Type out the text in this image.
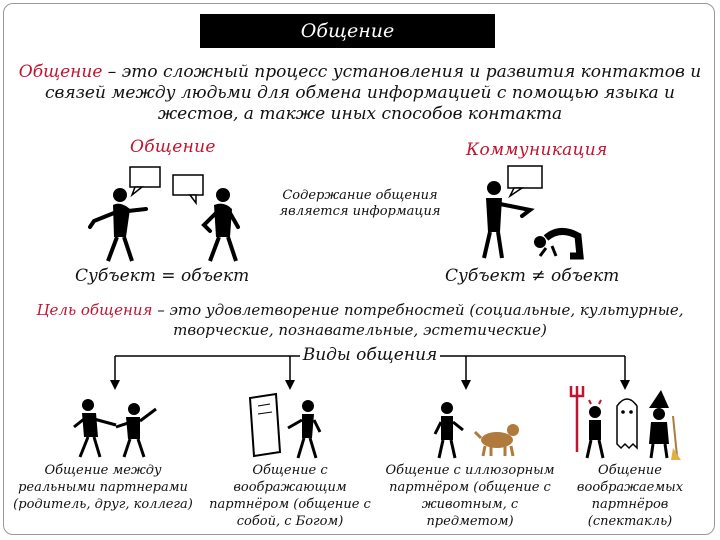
Общение
Общение – это сложный процесс установления и развития контактов и связей между людьми для обмена информацией с помощью языка и жестов, а также иных способов контакта
Общение	Коммуникация
Содержание общения является информация
Субъект = объект	Субъект ≠ объект
Цель общения – это удовлетворение потребностей (социальные, культурные, творческие, познавательные, эстетические)
Виды общения
Общение между реальными партнерами (родитель, друг, коллега)
Общение с воображающим партнёром (общение с собой, с Богом)
Общение с иллюзорным партнёром (общение с животным, с предметом)
Общение воображаемых партнёров (спектакль)
